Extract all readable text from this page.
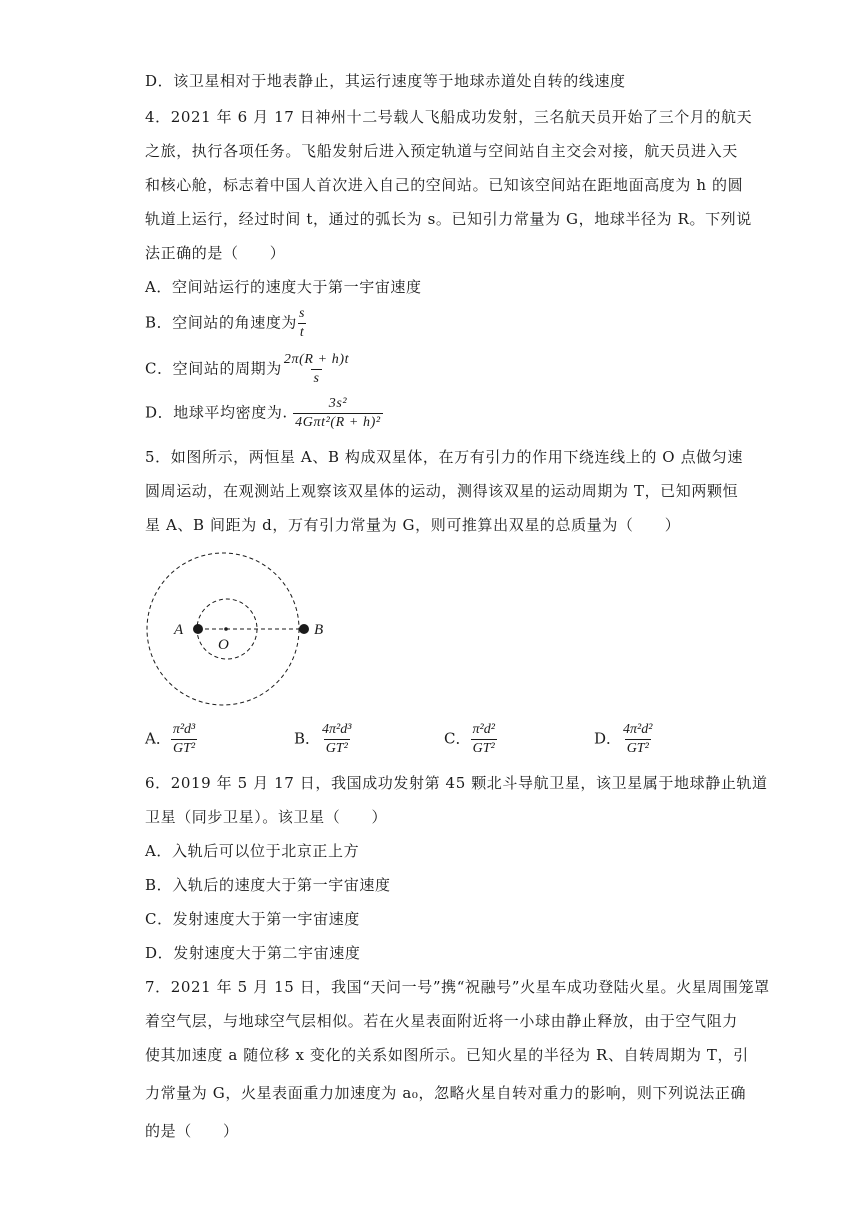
D．该卫星相对于地表静止，其运行速度等于地球赤道处自转的线速度
4．2021 年 6 月 17 日神州十二号载人飞船成功发射，三名航天员开始了三个月的航天
之旅，执行各项任务。飞船发射后进入预定轨道与空间站自主交会对接，航天员进入天
和核心舱，标志着中国人首次进入自己的空间站。已知该空间站在距地面高度为 h 的圆
轨道上运行，经过时间 t，通过的弧长为 s。已知引力常量为 G，地球半径为 R。下列说
法正确的是（　　）
A．空间站运行的速度大于第一宇宙速度
B．空间站的角速度为 $\frac{s}{t}$
C．空间站的周期为 $\frac{2\pi(R + h)t}{s}$
D．地球平均密度为. $\frac{\text{3s²}}{\text{4Gπt²(R + h)²}}$
5．如图所示，两恒星 A、B 构成双星体，在万有引力的作用下绕连线上的 O 点做匀速
圆周运动，在观测站上观察该双星体的运动，测得该双星的运动周期为 T，已知两颗恒
星 A、B 间距为 d，万有引力常量为 G，则可推算出双星的总质量为（　　）
A	B
O
A． $\frac{\text{π²d³}}{\text{GT²}}$	B． $\frac{\text{4π²d³}}{\text{GT²}}$	C． $\frac{\text{π²d²}}{\text{GT²}}$	D． $\frac{\text{4π²d²}}{\text{GT²}}$
6．2019 年 5 月 17 日，我国成功发射第 45 颗北斗导航卫星，该卫星属于地球静止轨道
卫星（同步卫星）。该卫星（　　）
A．入轨后可以位于北京正上方
B．入轨后的速度大于第一宇宙速度
C．发射速度大于第一宇宙速度
D．发射速度大于第二宇宙速度
7．2021 年 5 月 15 日，我国“天问一号”携“祝融号”火星车成功登陆火星。火星周围笼罩
着空气层，与地球空气层相似。若在火星表面附近将一小球由静止释放，由于空气阻力
使其加速度 a 随位移 x 变化的关系如图所示。已知火星的半径为 R、自转周期为 T，引
力常量为 G，火星表面重力加速度为 a₀，忽略火星自转对重力的影响，则下列说法正确
的是（　　）
